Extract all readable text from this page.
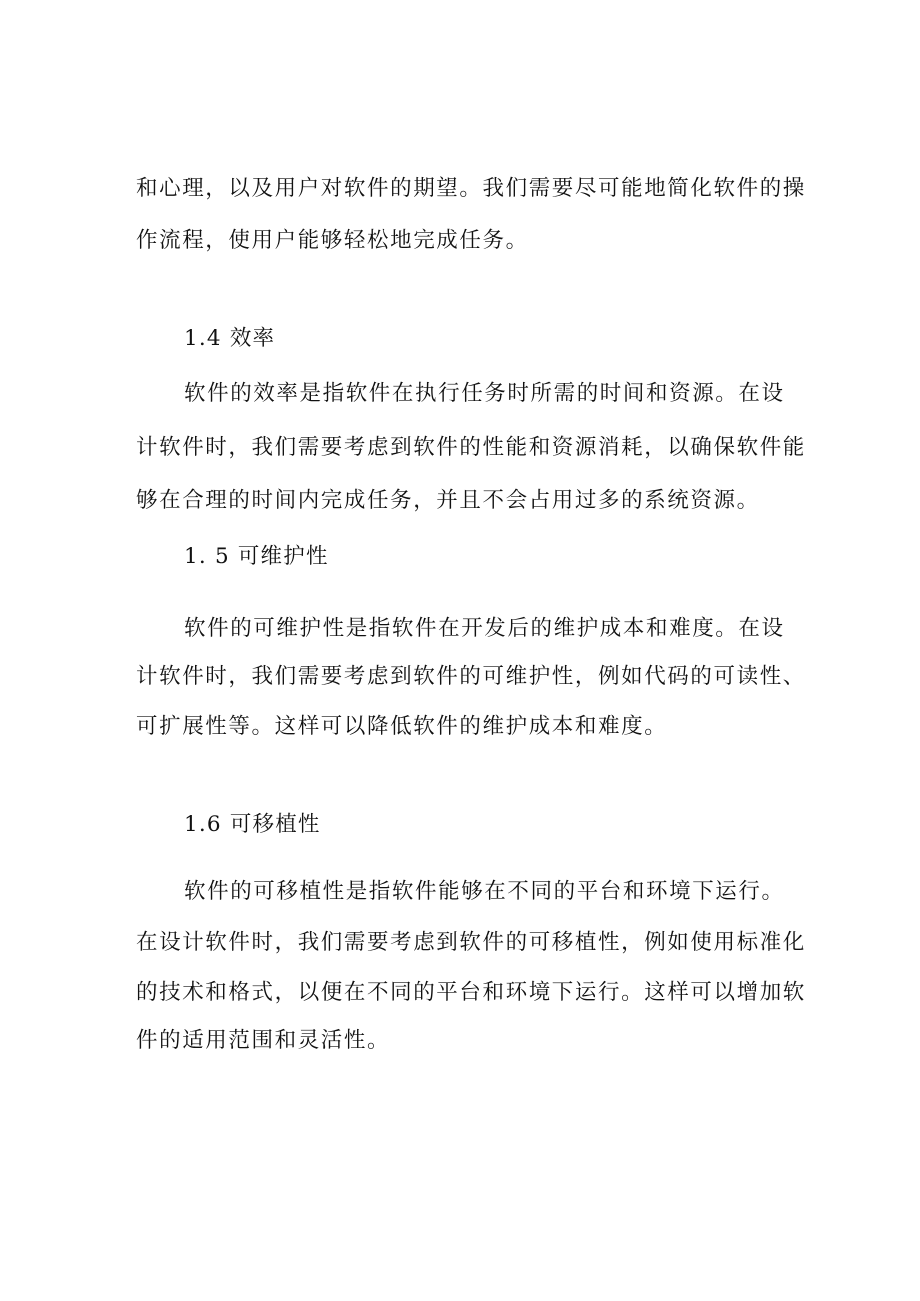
和心理，以及用户对软件的期望。我们需要尽可能地简化软件的操
作流程，使用户能够轻松地完成任务。
1.4 效率
软件的效率是指软件在执行任务时所需的时间和资源。在设
计软件时，我们需要考虑到软件的性能和资源消耗，以确保软件能
够在合理的时间内完成任务，并且不会占用过多的系统资源。
1. 5 可维护性
软件的可维护性是指软件在开发后的维护成本和难度。在设
计软件时，我们需要考虑到软件的可维护性，例如代码的可读性、
可扩展性等。这样可以降低软件的维护成本和难度。
1.6 可移植性
软件的可移植性是指软件能够在不同的平台和环境下运行。
在设计软件时，我们需要考虑到软件的可移植性，例如使用标准化
的技术和格式，以便在不同的平台和环境下运行。这样可以增加软
件的适用范围和灵活性。
